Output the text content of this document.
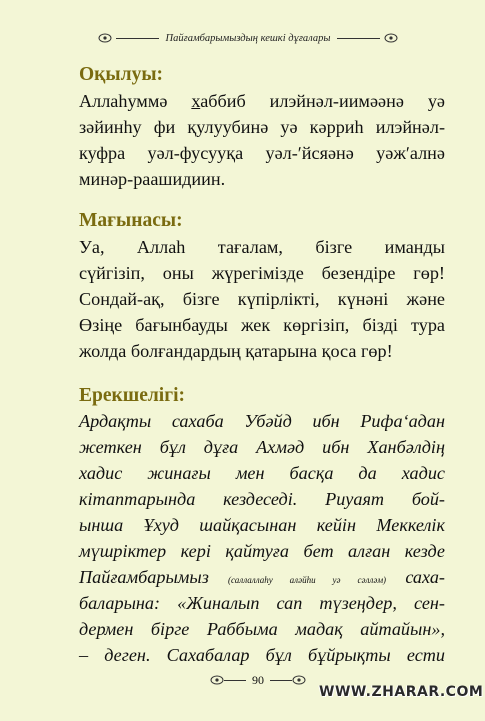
Пайғамбарымыздың кешкі дұғалары
Оқылуы:
Аллаһуммә хаббиб илэйнәл-иимәәнә уә
зәйинһу фи қулуубинә уә кәрриһ илэйнәл-
куфра уәл-фусууқа уәл-ʹйсяәнә уәжʹалнә
минәр-раашидиин.
Мағынасы:
Уа, Аллаһ тағалам, бізге иманды
сүйгізіп, оны жүрегімізде безендіре гөр!
Сондай-ақ, бізге күпірлікті, күнәні және
Өзіңе бағынбауды жек көргізіп, бізді тура
жолда болғандардың қатарына қоса гөр!
Ерекшелігі:
Ардақты сахаба Убәйд ибн Рифаʻадан
жеткен бұл дұға Ахмәд ибн Ханбәлдің
хадис жинағы мен басқа да хадис
кітаптарында кездеседі. Риуаят бой-
ынша Ұхуд шайқасынан кейін Меккелік
мүшріктер кері қайтуға бет алған кезде
Пайғамбарымыз (саллаллаһу аләйһи уә сәлләм) саха-
баларына: «Жиналып сап түзеңдер, сен-
дермен бірге Раббыма мадақ айтайын»,
– деген. Сахабалар бұл бұйрықты ести
90
WWW.ZHARAR.COM
